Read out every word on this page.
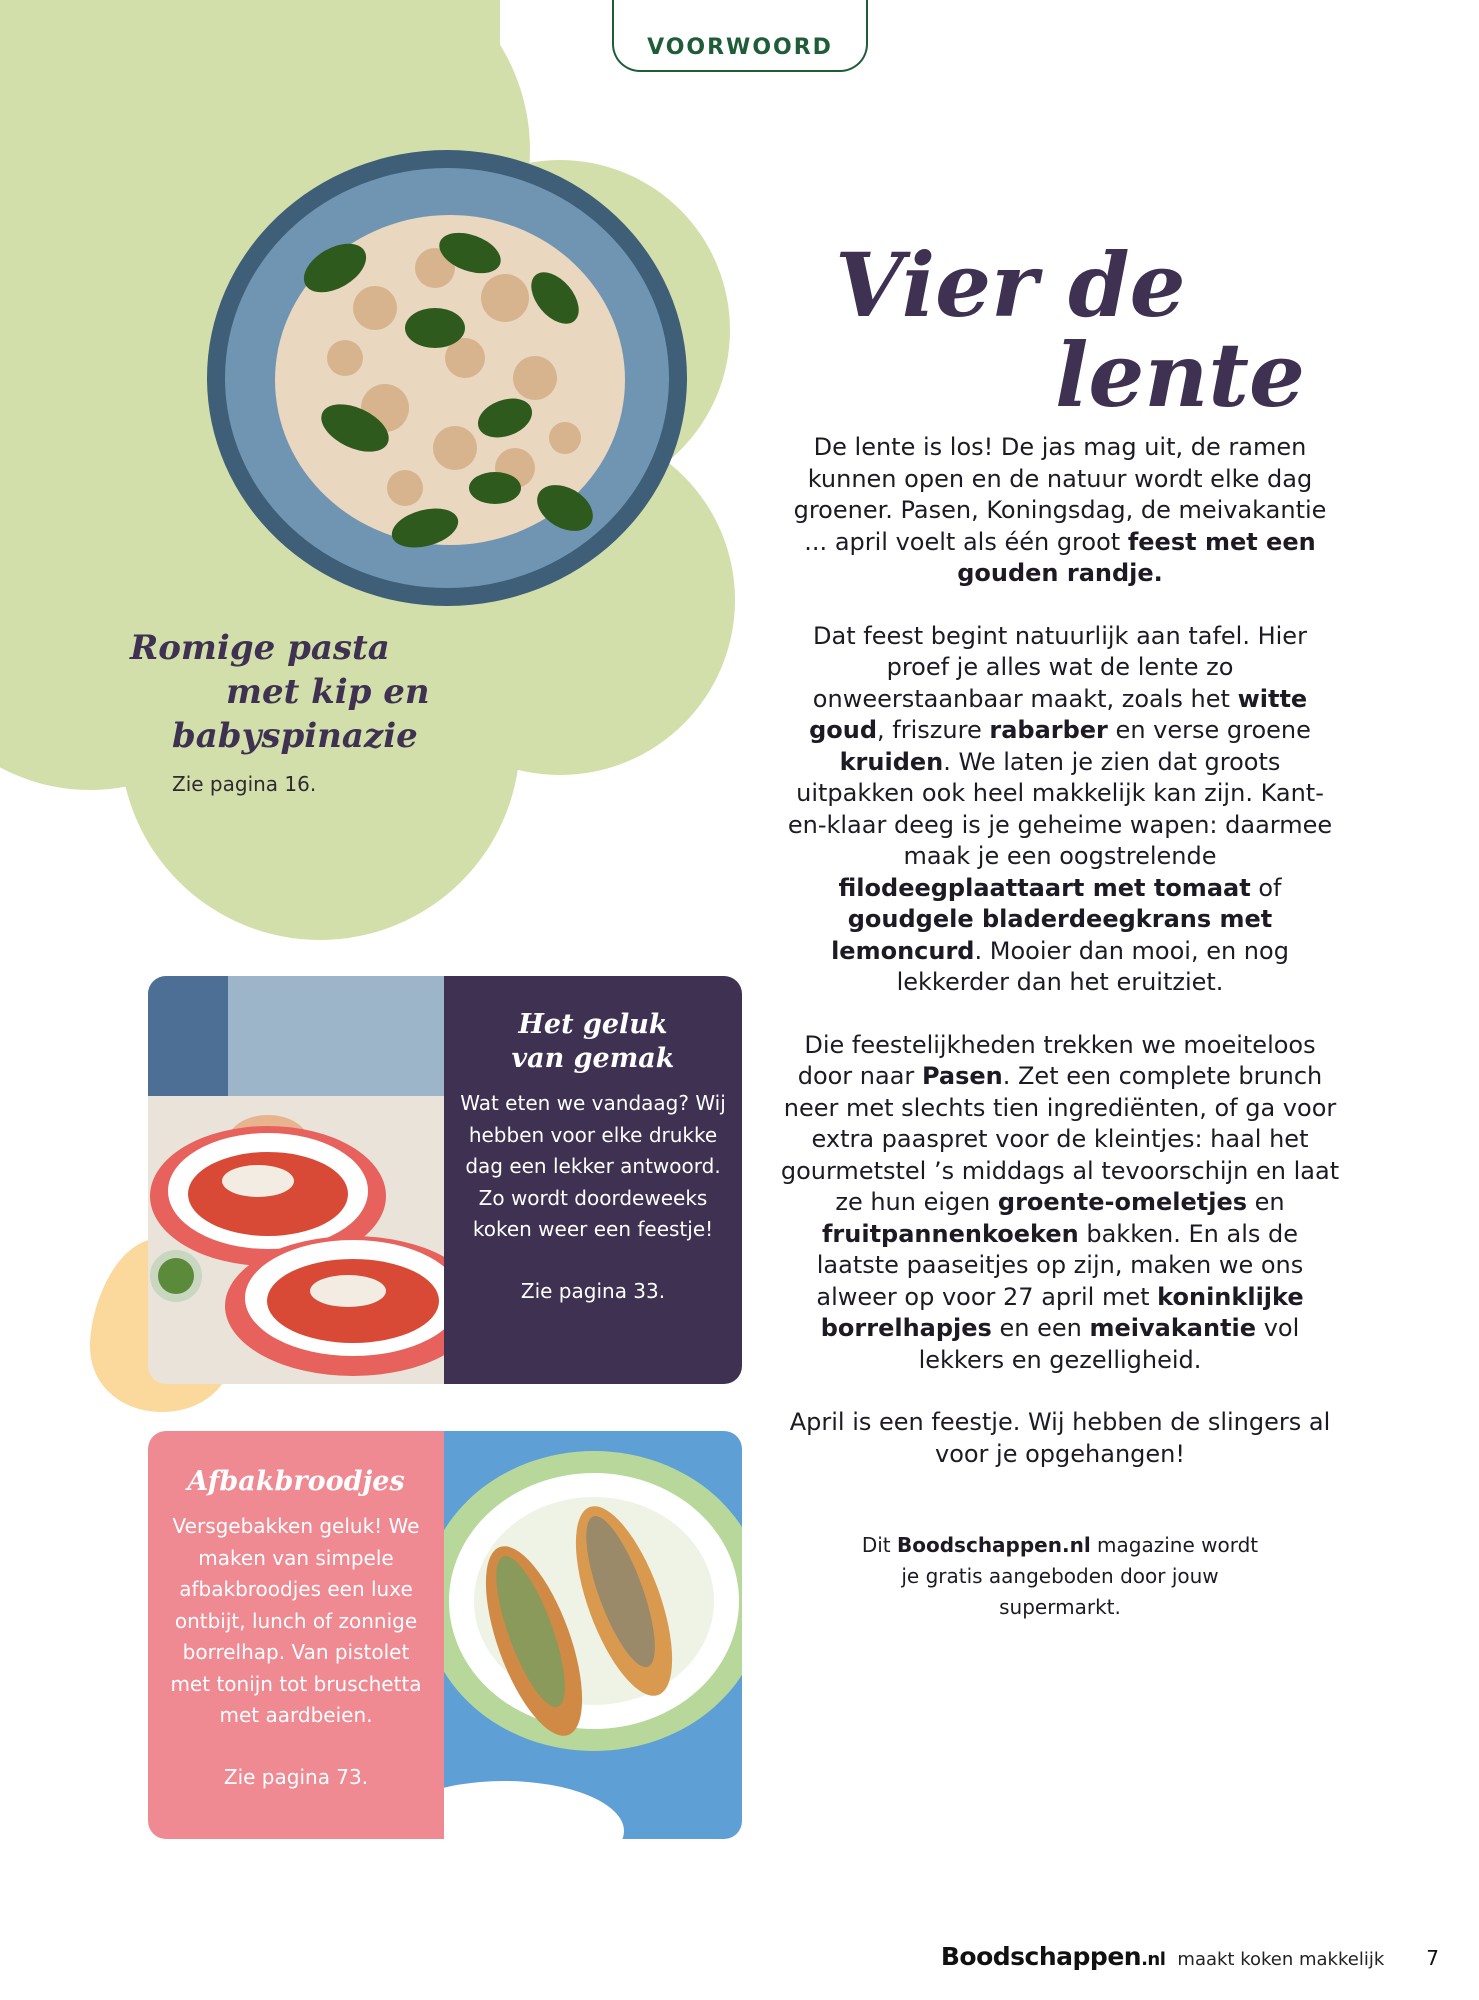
VOORWOORD
Vier de
lente

De lente is los! De jas mag uit, de ramen kunnen open en de natuur wordt elke dag groener. Pasen, Koningsdag, de meivakantie ... april voelt als één groot feest met een gouden randje.

Dat feest begint natuurlijk aan tafel. Hier proef je alles wat de lente zo onweerstaanbaar maakt, zoals het witte goud, friszure rabarber en verse groene kruiden. We laten je zien dat groots uitpakken ook heel makkelijk kan zijn. Kant-en-klaar deeg is je geheime wapen: daarmee maak je een oogstrelende filodeegplaattaart met tomaat of goudgele bladerdeegkrans met lemoncurd. Mooier dan mooi, en nog lekkerder dan het eruitziet.

Die feestelijkheden trekken we moeiteloos door naar Pasen. Zet een complete brunch neer met slechts tien ingrediënten, of ga voor extra paaspret voor de kleintjes: haal het gourmetstel ’s middags al tevoorschijn en laat ze hun eigen groente-omeletjes en fruitpannenkoeken bakken. En als de laatste paaseitjes op zijn, maken we ons alweer op voor 27 april met koninklijke borrelhapjes en een meivakantie vol lekkers en gezelligheid.

April is een feestje. Wij hebben de slingers al voor je opgehangen!

Dit Boodschappen.nl magazine wordt je gratis aangeboden door jouw supermarkt.
Romige pasta
met kip en
babyspinazie
Zie pagina 16.
Het geluk
van gemak
Wat eten we vandaag? Wij hebben voor elke drukke dag een lekker antwoord. Zo wordt doordeweeks koken weer een feestje!
Zie pagina 33.
Afbakbroodjes
Versgebakken geluk! We maken van simpele afbakbroodjes een luxe ontbijt, lunch of zonnige borrelhap. Van pistolet met tonijn tot bruschetta met aardbeien.
Zie pagina 73.
Boodschappen.nl maakt koken makkelijk 7
